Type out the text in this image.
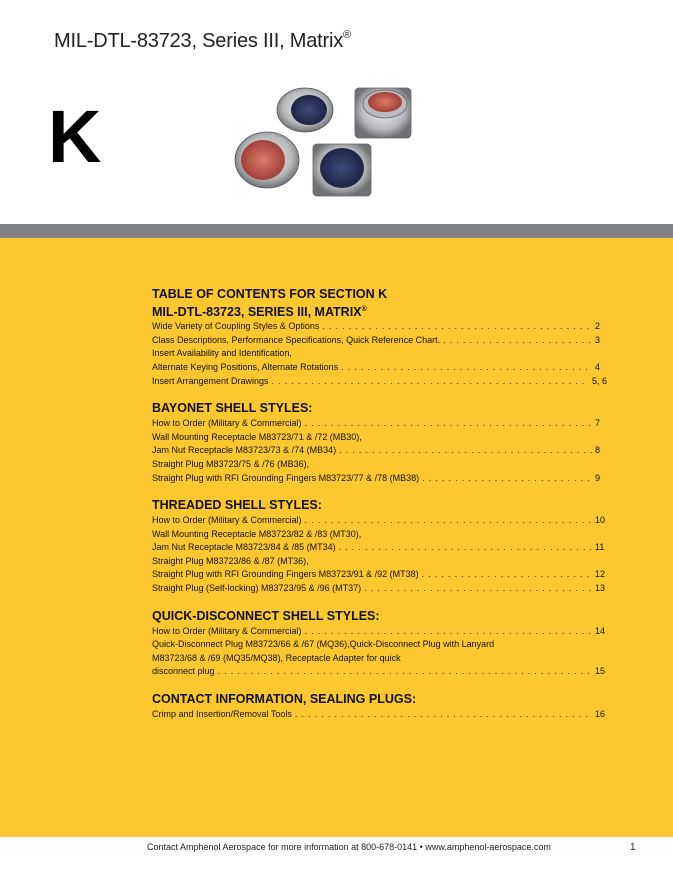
MIL-DTL-83723, Series III, Matrix®
K
TABLE OF CONTENTS FOR SECTION K
MIL-DTL-83723, SERIES III, MATRIX®
Wide Variety of Coupling Styles & Options . . .	2
Class Descriptions, Performance Specifications, Quick Reference Chart. . . .	3
Insert Availability and Identification,
Alternate Keying Positions, Alternate Rotations . . .	4
Insert Arrangement Drawings . . .	5, 6
BAYONET SHELL STYLES:
How to Order (Military & Commercial) . . .	7
Wall Mounting Receptacle M83723/71 & /72 (MB30),
Jam Nut Receptacle M83723/73 & /74 (MB34) . . .	8
Straight Plug M83723/75 & /76 (MB36),
Straight Plug with RFI Grounding Fingers M83723/77 & /78 (MB38) . . .	9
THREADED SHELL STYLES:
How to Order (Military & Commercial) . . .	10
Wall Mounting Receptacle M83723/82 & /83 (MT30),
Jam Nut Receptacle M83723/84 & /85 (MT34) . . .	11
Straight Plug M83723/86 & /87 (MT36),
Straight Plug with RFI Grounding Fingers M83723/91 & /92 (MT38) . . .	12
Straight Plug (Self-locking) M83723/95 & /96 (MT37) . . .	13
QUICK-DISCONNECT SHELL STYLES:
How to Order (Military & Commercial) . . .	14
Quick-Disconnect Plug M83723/66 & /67 (MQ36),Quick-Disconnect Plug with Lanyard
M83723/68 & /69 (MQ35/MQ38), Receptacle Adapter for quick
disconnect plug . . .	15
CONTACT INFORMATION, SEALING PLUGS:
Crimp and Insertion/Removal Tools . . .	16
Contact Amphenol Aerospace for more information at 800-678-0141 • www.amphenol-aerospace.com	1
